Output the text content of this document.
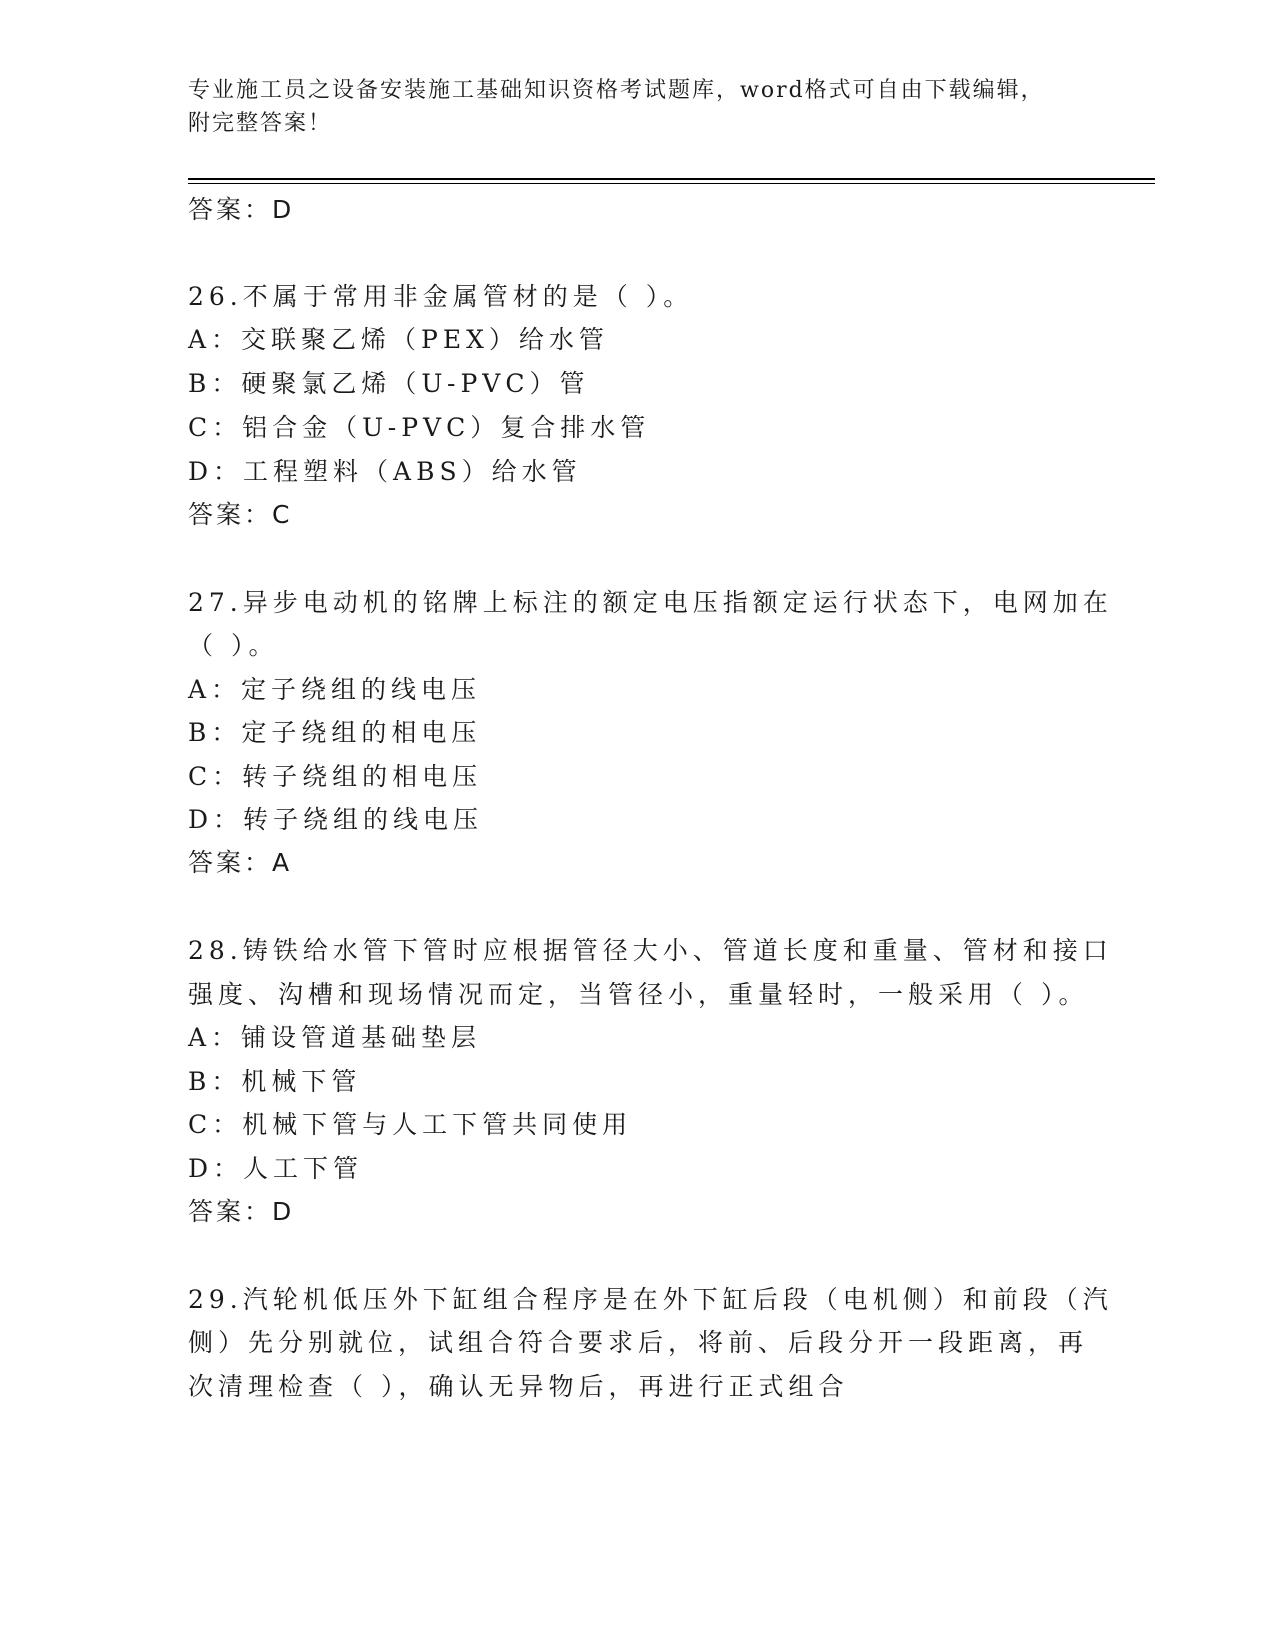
专业施工员之设备安装施工基础知识资格考试题库，word格式可自由下载编辑，
附完整答案！
答案：D
26.不属于常用非金属管材的是（ ）。
A：交联聚乙烯（PEX）给水管
B：硬聚氯乙烯（U-PVC）管
C：铝合金（U-PVC）复合排水管
D：工程塑料（ABS）给水管
答案：C
27.异步电动机的铭牌上标注的额定电压指额定运行状态下，电网加在
（ ）。
A：定子绕组的线电压
B：定子绕组的相电压
C：转子绕组的相电压
D：转子绕组的线电压
答案：A
28.铸铁给水管下管时应根据管径大小、管道长度和重量、管材和接口
强度、沟槽和现场情况而定，当管径小，重量轻时，一般采用（ ）。
A：铺设管道基础垫层
B：机械下管
C：机械下管与人工下管共同使用
D：人工下管
答案：D
29.汽轮机低压外下缸组合程序是在外下缸后段（电机侧）和前段（汽
侧）先分别就位，试组合符合要求后，将前、后段分开一段距离，再
次清理检查（ ），确认无异物后，再进行正式组合
